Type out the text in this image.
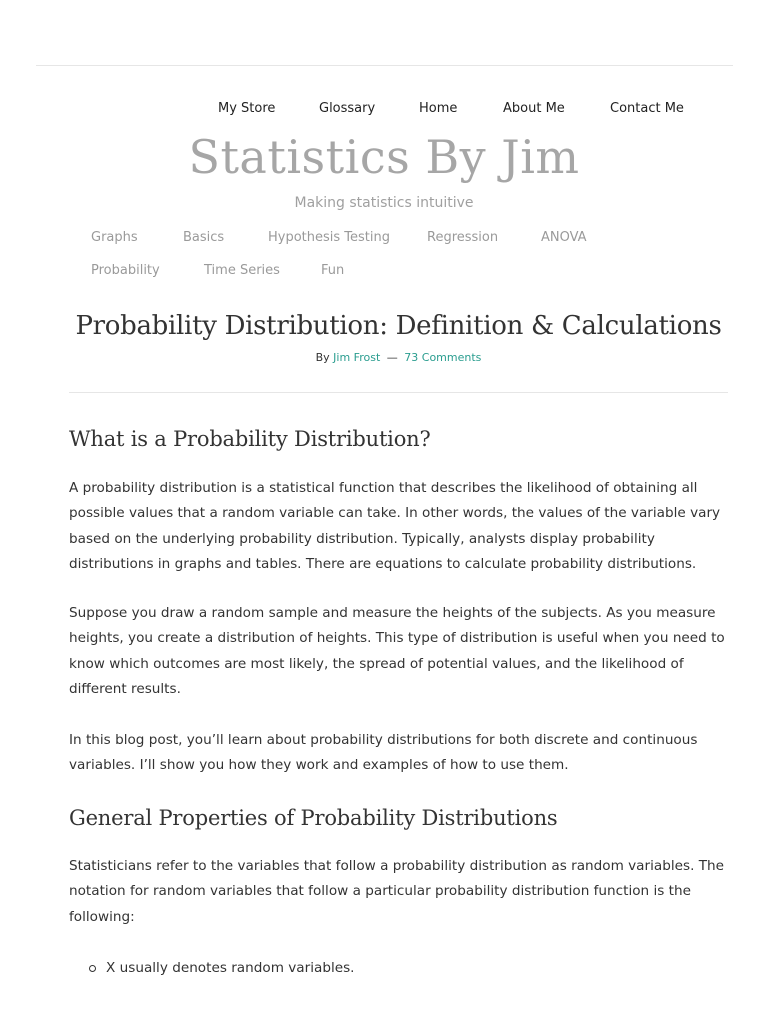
My Store	Glossary	Home	About Me	Contact Me
Statistics By Jim
Making statistics intuitive
Graphs	Basics	Hypothesis Testing	Regression	ANOVA
Probability	Time Series	Fun
Probability Distribution: Definition & Calculations
By Jim Frost — 73 Comments
What is a Probability Distribution?

A probability distribution is a statistical function that describes the likelihood of obtaining all possible values that a random variable can take. In other words, the values of the variable vary based on the underlying probability distribution. Typically, analysts display probability distributions in graphs and tables. There are equations to calculate probability distributions.

Suppose you draw a random sample and measure the heights of the subjects. As you measure heights, you create a distribution of heights. This type of distribution is useful when you need to know which outcomes are most likely, the spread of potential values, and the likelihood of different results.

In this blog post, you’ll learn about probability distributions for both discrete and continuous variables. I’ll show you how they work and examples of how to use them.

General Properties of Probability Distributions

Statisticians refer to the variables that follow a probability distribution as random variables. The notation for random variables that follow a particular probability distribution function is the following:

X usually denotes random variables.
